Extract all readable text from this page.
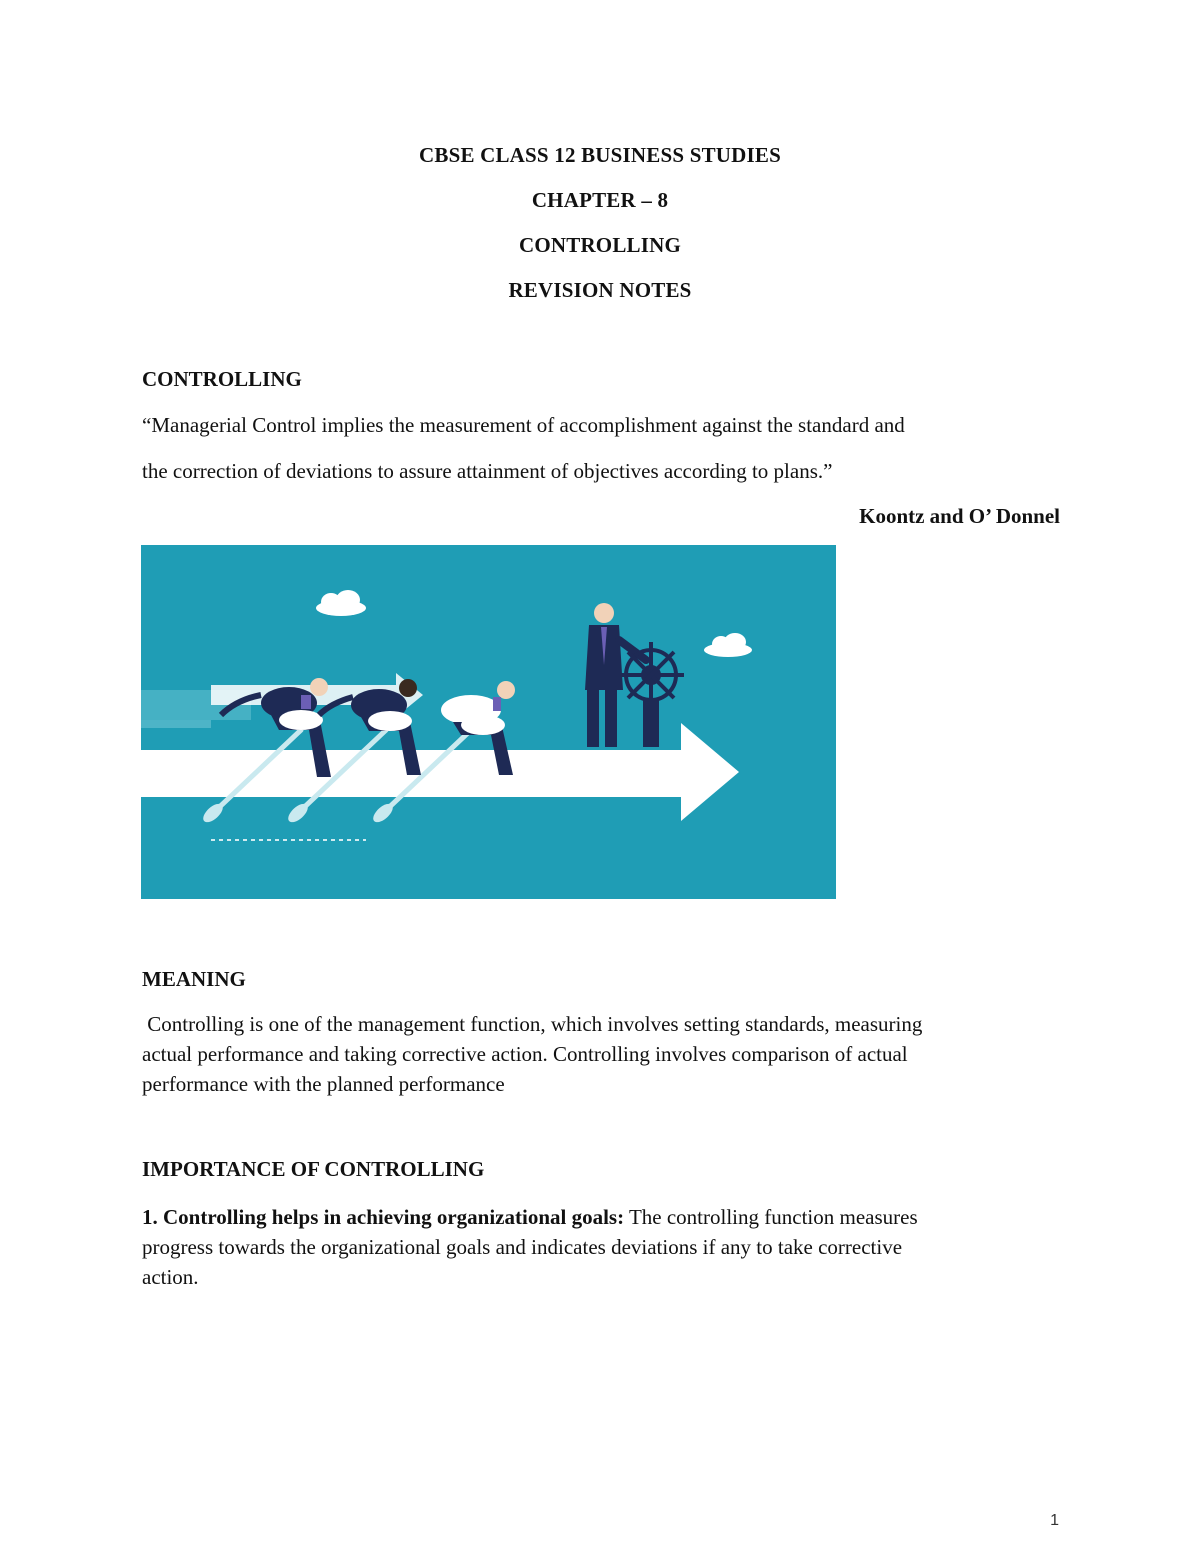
CBSE CLASS 12 BUSINESS STUDIES
CHAPTER – 8
CONTROLLING
REVISION NOTES
CONTROLLING
“Managerial Control implies the measurement of accomplishment against the standard and
the correction of deviations to assure attainment of objectives according to plans.”
Koontz and O’ Donnel
MEANING
Controlling is one of the management function, which involves setting standards, measuring
actual performance and taking corrective action. Controlling involves comparison of actual
performance with the planned performance
IMPORTANCE OF CONTROLLING
1. Controlling helps in achieving organizational goals: The controlling function measures
progress towards the organizational goals and indicates deviations if any to take corrective
action.
1
